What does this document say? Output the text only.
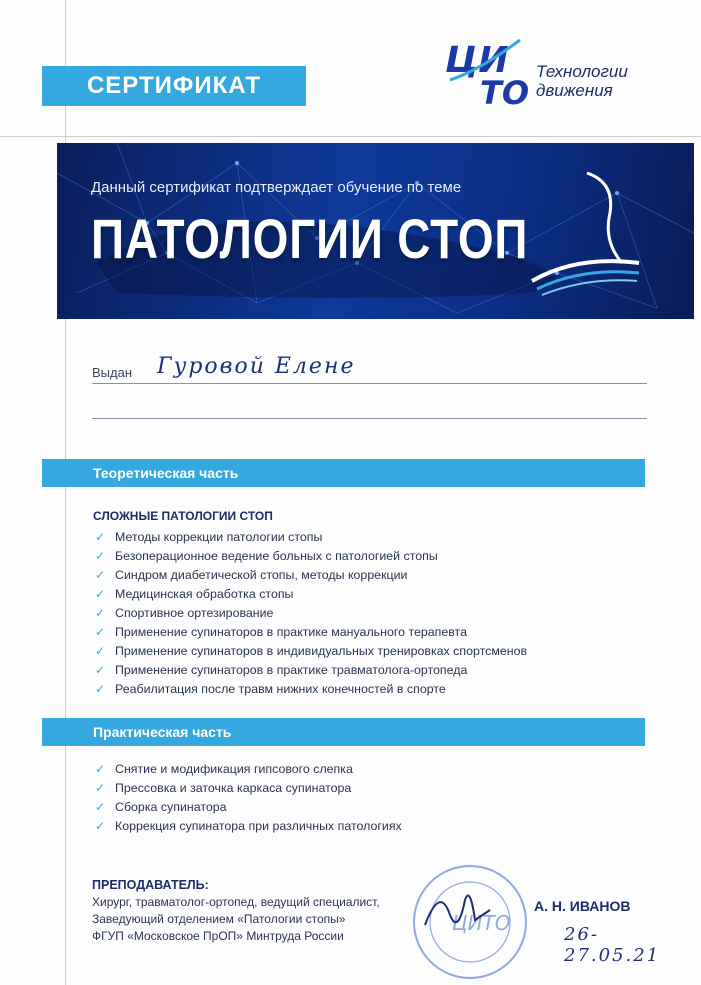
СЕРТИФИКАТ
ЦИ
ТО
Технологии
движения
Данный сертификат подтверждает обучение по теме
ПАТОЛОГИИ СТОП
Выдан Гуровой Елене
Теоретическая часть
СЛОЖНЫЕ ПАТОЛОГИИ СТОП
✓ Методы коррекции патологии стопы
✓ Безоперационное ведение больных с патологией стопы
✓ Синдром диабетической стопы, методы коррекции
✓ Медицинская обработка стопы
✓ Спортивное ортезирование
✓ Применение супинаторов в практике мануального терапевта
✓ Применение супинаторов в индивидуальных тренировках спортсменов
✓ Применение супинаторов в практике травматолога-ортопеда
✓ Реабилитация после травм нижних конечностей в спорте
Практическая часть
✓ Снятие и модификация гипсового слепка
✓ Прессовка и заточка каркаса супинатора
✓ Сборка супинатора
✓ Коррекция супинатора при различных патологиях
ЦИТО
ПРЕПОДАВАТЕЛЬ:
Хирург, травматолог-ортопед, ведущий специалист,
Заведующий отделением «Патологии стопы»
ФГУП «Московское ПрОП» Минтруда России
А. Н. ИВАНОВ
26-27.05.21
